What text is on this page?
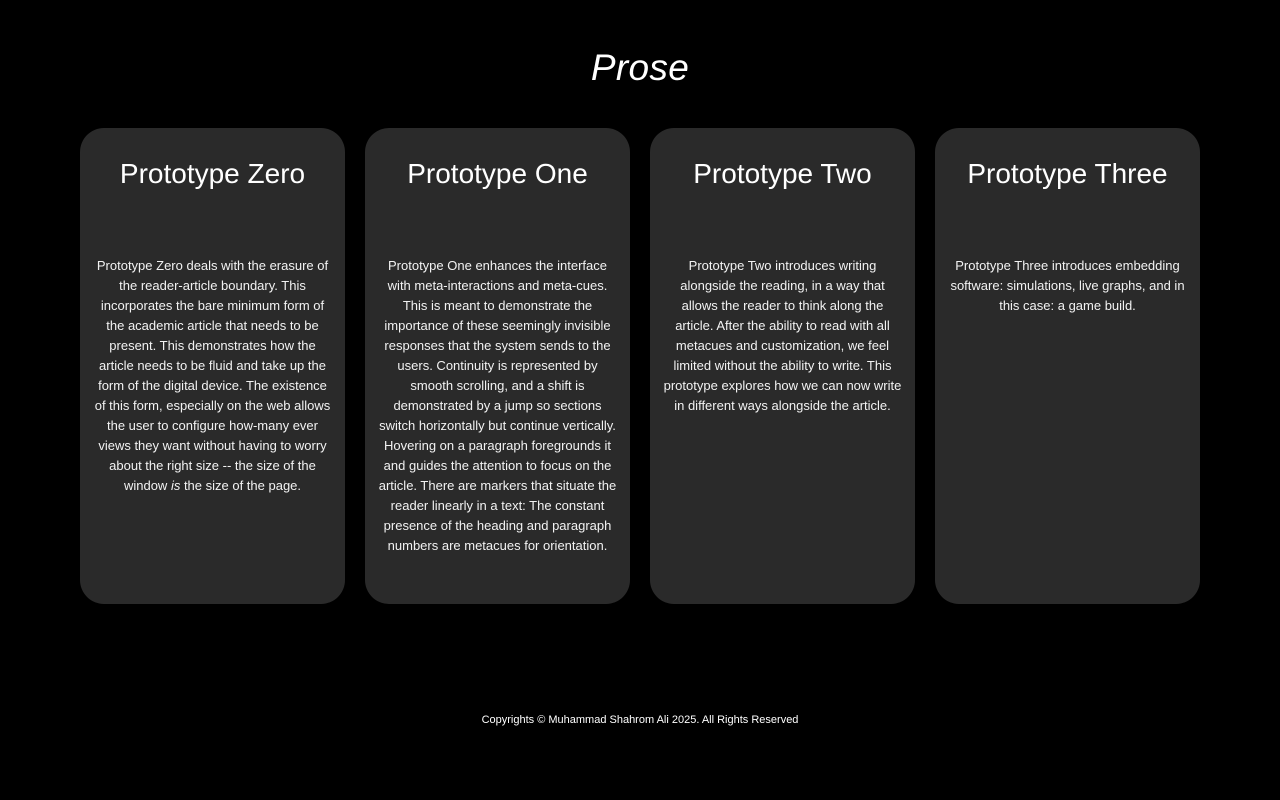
Prose
Prototype Zero

Prototype Zero deals with the erasure of the reader-article boundary. This incorporates the bare minimum form of the academic article that needs to be present. This demonstrates how the article needs to be fluid and take up the form of the digital device. The existence of this form, especially on the web allows the user to configure how-many ever views they want without having to worry about the right size -- the size of the window is the size of the page.

Prototype One

Prototype One enhances the interface with meta-interactions and meta-cues. This is meant to demonstrate the importance of these seemingly invisible responses that the system sends to the users. Continuity is represented by smooth scrolling, and a shift is demonstrated by a jump so sections switch horizontally but continue vertically. Hovering on a paragraph foregrounds it and guides the attention to focus on the article. There are markers that situate the reader linearly in a text: The constant presence of the heading and paragraph numbers are metacues for orientation.

Prototype Two

Prototype Two introduces writing alongside the reading, in a way that allows the reader to think along the article. After the ability to read with all metacues and customization, we feel limited without the ability to write. This prototype explores how we can now write in different ways alongside the article.

Prototype Three

Prototype Three introduces embedding software: simulations, live graphs, and in this case: a game build.

Copyrights © Muhammad Shahrom Ali 2025. All Rights Reserved
